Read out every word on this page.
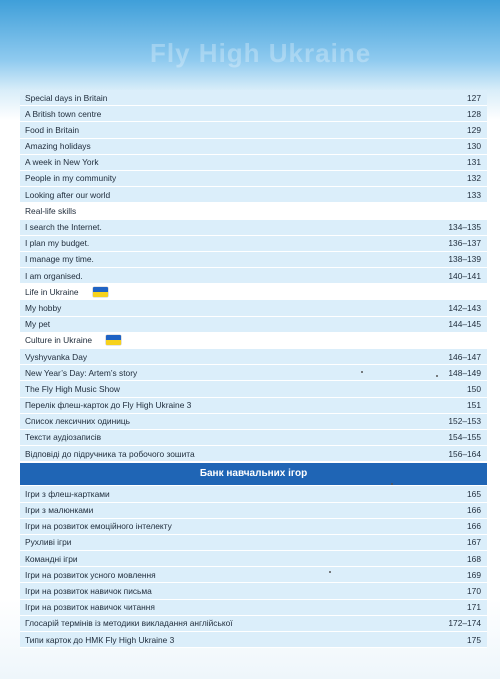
Fly High Ukraine
Special days in Britain	127
A British town centre	128
Food in Britain	129
Amazing holidays	130
A week in New York	131
People in my community	132
Looking after our world	133
Real-life skills
I search the Internet.	134–135
I plan my budget.	136–137
I manage my time.	138–139
I am organised.	140–141
Life in Ukraine
My hobby	142–143
My pet	144–145
Culture in Ukraine
Vyshyvanka Day	146–147
New Year’s Day: Artem’s story	148–149
The Fly High Music Show	150
Перелік флеш-карток до Fly High Ukraine 3	151
Список лексичних одиниць	152–153
Тексти аудіозаписів	154–155
Відповіді до підручника та робочого зошита	156–164
Банк навчальних ігор
Ігри з флеш-картками	165
Ігри з малюнками	166
Ігри на розвиток емоційного інтелекту	166
Рухливі ігри	167
Командні ігри	168
Ігри на розвиток усного мовлення	169
Ігри на розвиток навичок письма	170
Ігри на розвиток навичок читання	171
Глосарій термінів із методики викладання англійської	172–174
Типи карток до НМК Fly High Ukraine 3	175
